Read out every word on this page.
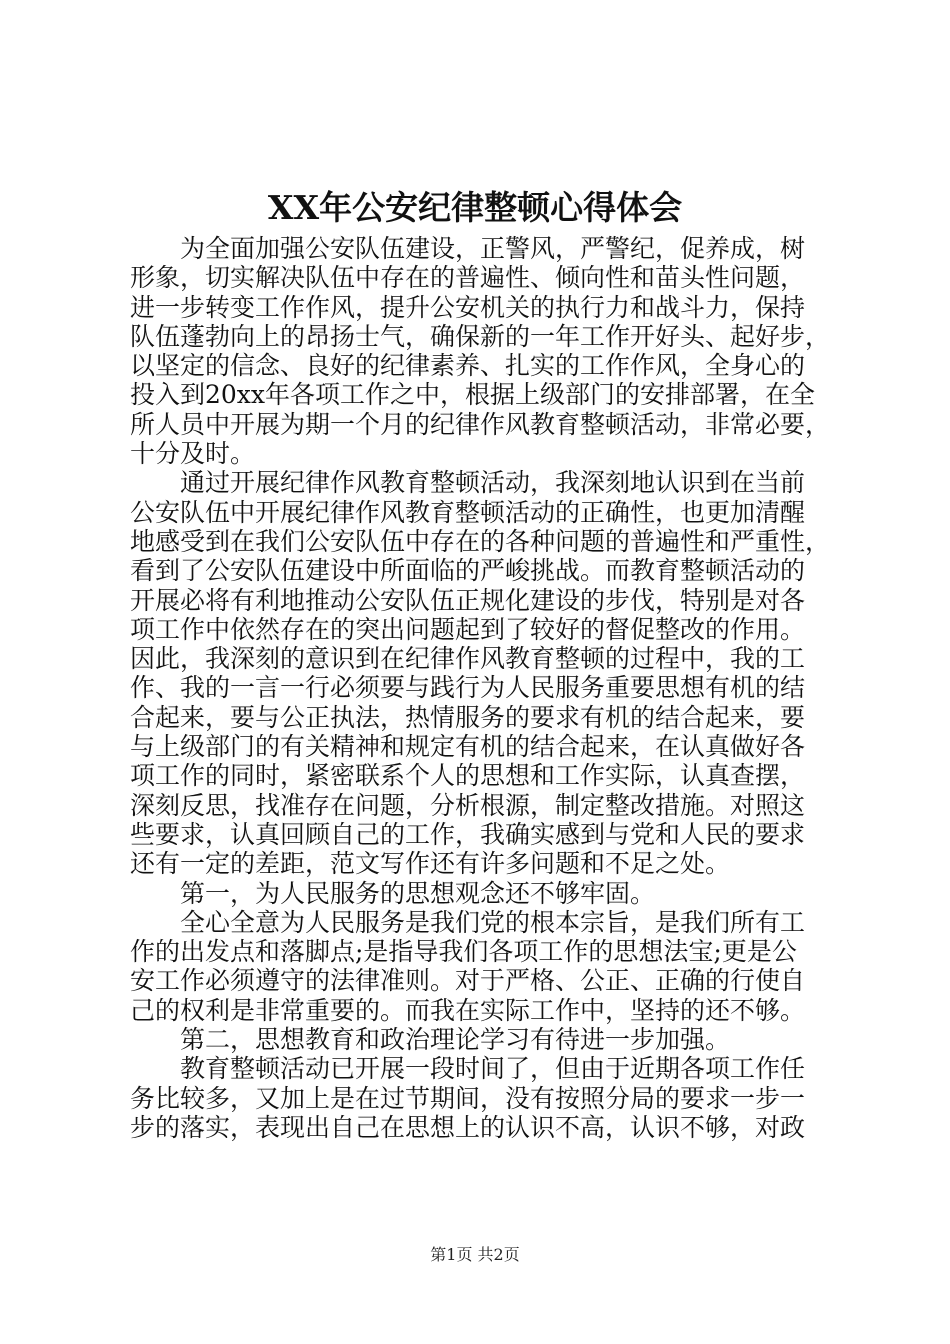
XX年公安纪律整顿心得体会
为全面加强公安队伍建设，正警风，严警纪，促养成，树
形象，切实解决队伍中存在的普遍性、倾向性和苗头性问题，
进一步转变工作作风，提升公安机关的执行力和战斗力，保持
队伍蓬勃向上的昂扬士气，确保新的一年工作开好头、起好步，
以坚定的信念、良好的纪律素养、扎实的工作作风，全身心的
投入到20xx年各项工作之中，根据上级部门的安排部署，在全
所人员中开展为期一个月的纪律作风教育整顿活动，非常必要，
十分及时。
通过开展纪律作风教育整顿活动，我深刻地认识到在当前
公安队伍中开展纪律作风教育整顿活动的正确性，也更加清醒
地感受到在我们公安队伍中存在的各种问题的普遍性和严重性，
看到了公安队伍建设中所面临的严峻挑战。而教育整顿活动的
开展必将有利地推动公安队伍正规化建设的步伐，特别是对各
项工作中依然存在的突出问题起到了较好的督促整改的作用。
因此，我深刻的意识到在纪律作风教育整顿的过程中，我的工
作、我的一言一行必须要与践行为人民服务重要思想有机的结
合起来，要与公正执法，热情服务的要求有机的结合起来，要
与上级部门的有关精神和规定有机的结合起来，在认真做好各
项工作的同时，紧密联系个人的思想和工作实际，认真查摆，
深刻反思，找准存在问题，分析根源，制定整改措施。对照这
些要求，认真回顾自己的工作，我确实感到与党和人民的要求
还有一定的差距，范文写作还有许多问题和不足之处。
第一，为人民服务的思想观念还不够牢固。
全心全意为人民服务是我们党的根本宗旨，是我们所有工
作的出发点和落脚点;是指导我们各项工作的思想法宝;更是公
安工作必须遵守的法律准则。对于严格、公正、正确的行使自
己的权利是非常重要的。而我在实际工作中，坚持的还不够。
第二，思想教育和政治理论学习有待进一步加强。
教育整顿活动已开展一段时间了，但由于近期各项工作任
务比较多，又加上是在过节期间，没有按照分局的要求一步一
步的落实，表现出自己在思想上的认识不高，认识不够，对政
第1页 共2页
